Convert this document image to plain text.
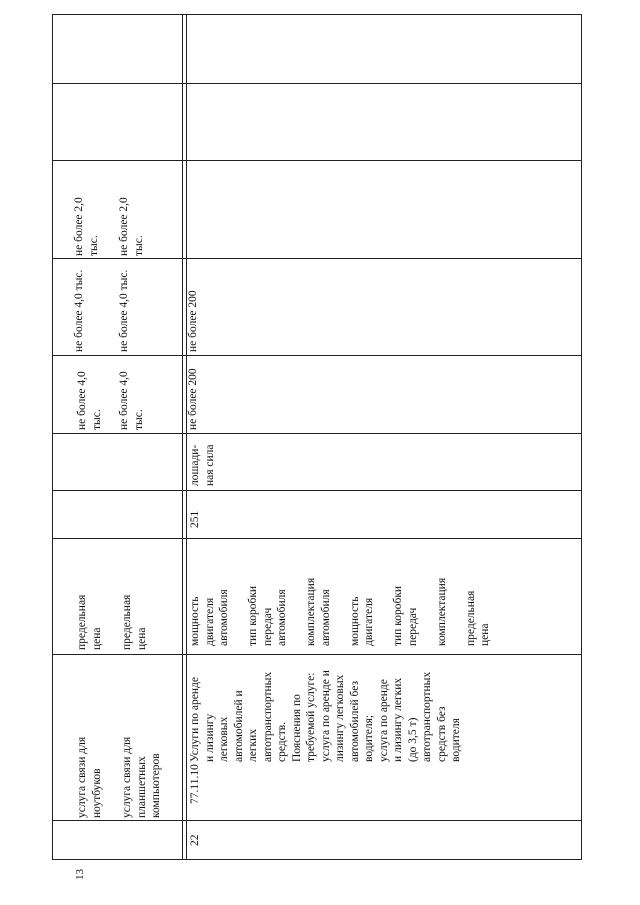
13
услуга связи для
ноутбуков
предельная
цена
не более 4,0
тыс.
не более 4,0 тыс.
не более 2,0
тыс.
услуга связи для
планшетных
компьютеров
предельная
цена
не более 4,0
тыс.
не более 4,0 тыс.
не более 2,0
тыс.
22
77.11.10
Услуги по аренде
и лизингу
легковых
автомобилей и
легких
автотранспортных
средств.
Пояснения по
требуемой услуге:
услуга по аренде и
лизингу легковых
автомобилей без
водителя;
услуга по аренде
и лизингу легких
(до 3,5 т)
автотранспортных
средств без
водителя
мощность
двигателя
автомобиля

тип коробки
передач
автомобиля

комплектация
автомобиля

мощность
двигателя

тип коробки
передач

комплектация

предельная
цена
251
лошади-
ная сила
не более 200
не более 200
